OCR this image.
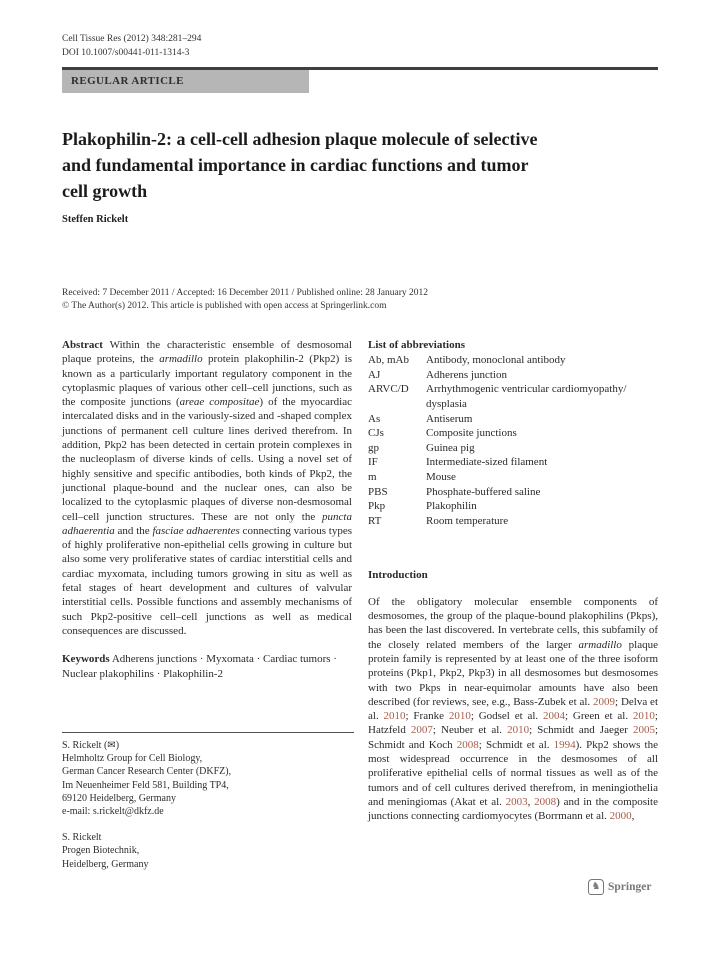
Cell Tissue Res (2012) 348:281–294
DOI 10.1007/s00441-011-1314-3
REGULAR ARTICLE
Plakophilin-2: a cell-cell adhesion plaque molecule of selective and fundamental importance in cardiac functions and tumor cell growth
Steffen Rickelt
Received: 7 December 2011 / Accepted: 16 December 2011 / Published online: 28 January 2012
© The Author(s) 2012. This article is published with open access at Springerlink.com

Abstract Within the characteristic ensemble of desmosomal plaque proteins, the armadillo protein plakophilin-2 (Pkp2) is known as a particularly important regulatory component in the cytoplasmic plaques of various other cell–cell junctions, such as the composite junctions (areae compositae) of the myocardiac intercalated disks and in the variously-sized and -shaped complex junctions of permanent cell culture lines derived therefrom. In addition, Pkp2 has been detected in certain protein complexes in the nucleoplasm of diverse kinds of cells. Using a novel set of highly sensitive and specific antibodies, both kinds of Pkp2, the junctional plaque-bound and the nuclear ones, can also be localized to the cytoplasmic plaques of diverse non-desmosomal cell–cell junction structures. These are not only the puncta adhaerentia and the fasciae adhaerentes connecting various types of highly proliferative non-epithelial cells growing in culture but also some very proliferative states of cardiac interstitial cells and cardiac myxomata, including tumors growing in situ as well as fetal stages of heart development and cultures of valvular interstitial cells. Possible functions and assembly mechanisms of such Pkp2-positive cell–cell junctions as well as medical consequences are discussed.

Keywords Adherens junctions · Myxomata · Cardiac tumors · Nuclear plakophilins · Plakophilin-2

List of abbreviations
Ab, mAb	Antibody, monoclonal antibody
AJ	Adherens junction
ARVC/D	Arrhythmogenic ventricular cardiomyopathy/​dysplasia
As	Antiserum
CJs	Composite junctions
gp	Guinea pig
IF	Intermediate-sized filament
m	Mouse
PBS	Phosphate-buffered saline
Pkp	Plakophilin
RT	Room temperature
Introduction

Of the obligatory molecular ensemble components of desmosomes, the group of the plaque-bound plakophilins (Pkps), has been the last discovered. In vertebrate cells, this subfamily of the closely related members of the larger armadillo plaque protein family is represented by at least one of the three isoform proteins (Pkp1, Pkp2, Pkp3) in all desmosomes but desmosomes with two Pkps in near-equimolar amounts have also been described (for reviews, see, e.g., Bass-Zubek et al. 2009; Delva et al. 2010; Franke 2010; Godsel et al. 2004; Green et al. 2010; Hatzfeld 2007; Neuber et al. 2010; Schmidt and Jaeger 2005; Schmidt and Koch 2008; Schmidt et al. 1994). Pkp2 shows the most widespread occurrence in the desmosomes of all proliferative epithelial cells of normal tissues as well as of the tumors and of cell cultures derived therefrom, in meningiothelia and meningiomas (Akat et al. 2003, 2008) and in the composite junctions connecting cardiomyocytes (Borrmann et al. 2000,

S. Rickelt (✉)
Helmholtz Group for Cell Biology,
German Cancer Research Center (DKFZ),
Im Neuenheimer Feld 581, Building TP4,
69120 Heidelberg, Germany
e-mail: s.rickelt@dkfz.de
S. Rickelt
Progen Biotechnik,
Heidelberg, Germany
♞ Springer
